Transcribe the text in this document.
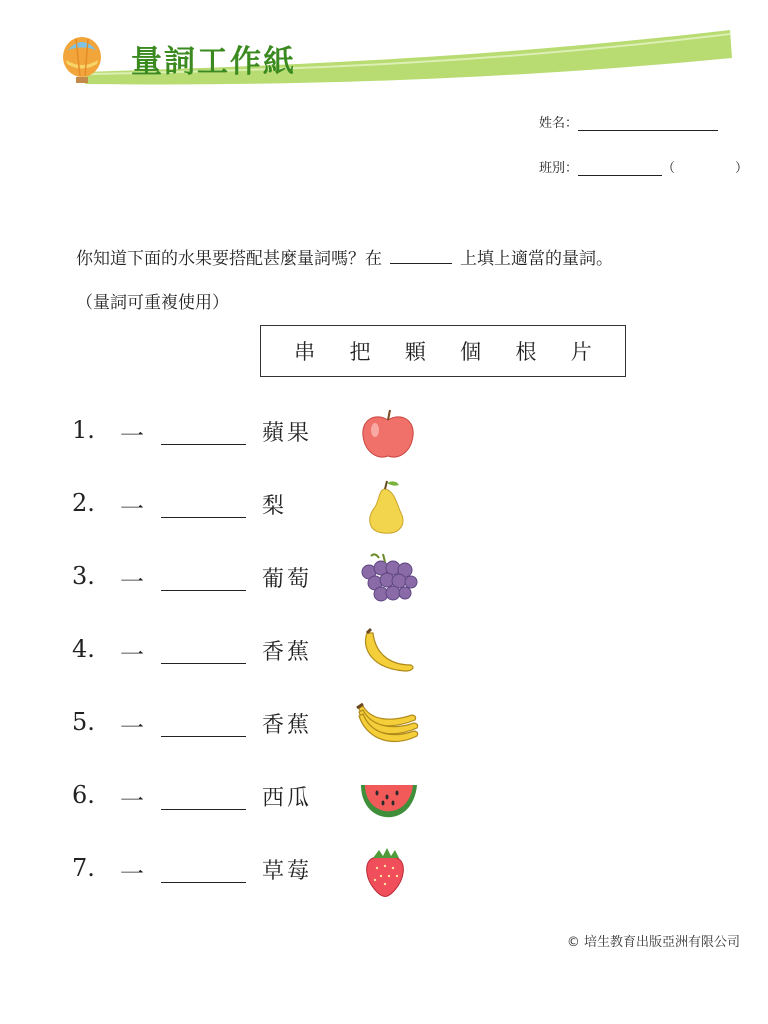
量詞工作紙
姓名：
班別：	（	）
你知道下面的水果要搭配甚麼量詞嗎？在	上填上適當的量詞。
（量詞可重複使用）
串 把 顆 個 根 片
1. 一	蘋果
2. 一	梨
3. 一	葡萄
4. 一	香蕉
5. 一	香蕉
6. 一	西瓜
7. 一	草莓
© 培生教育出版亞洲有限公司
